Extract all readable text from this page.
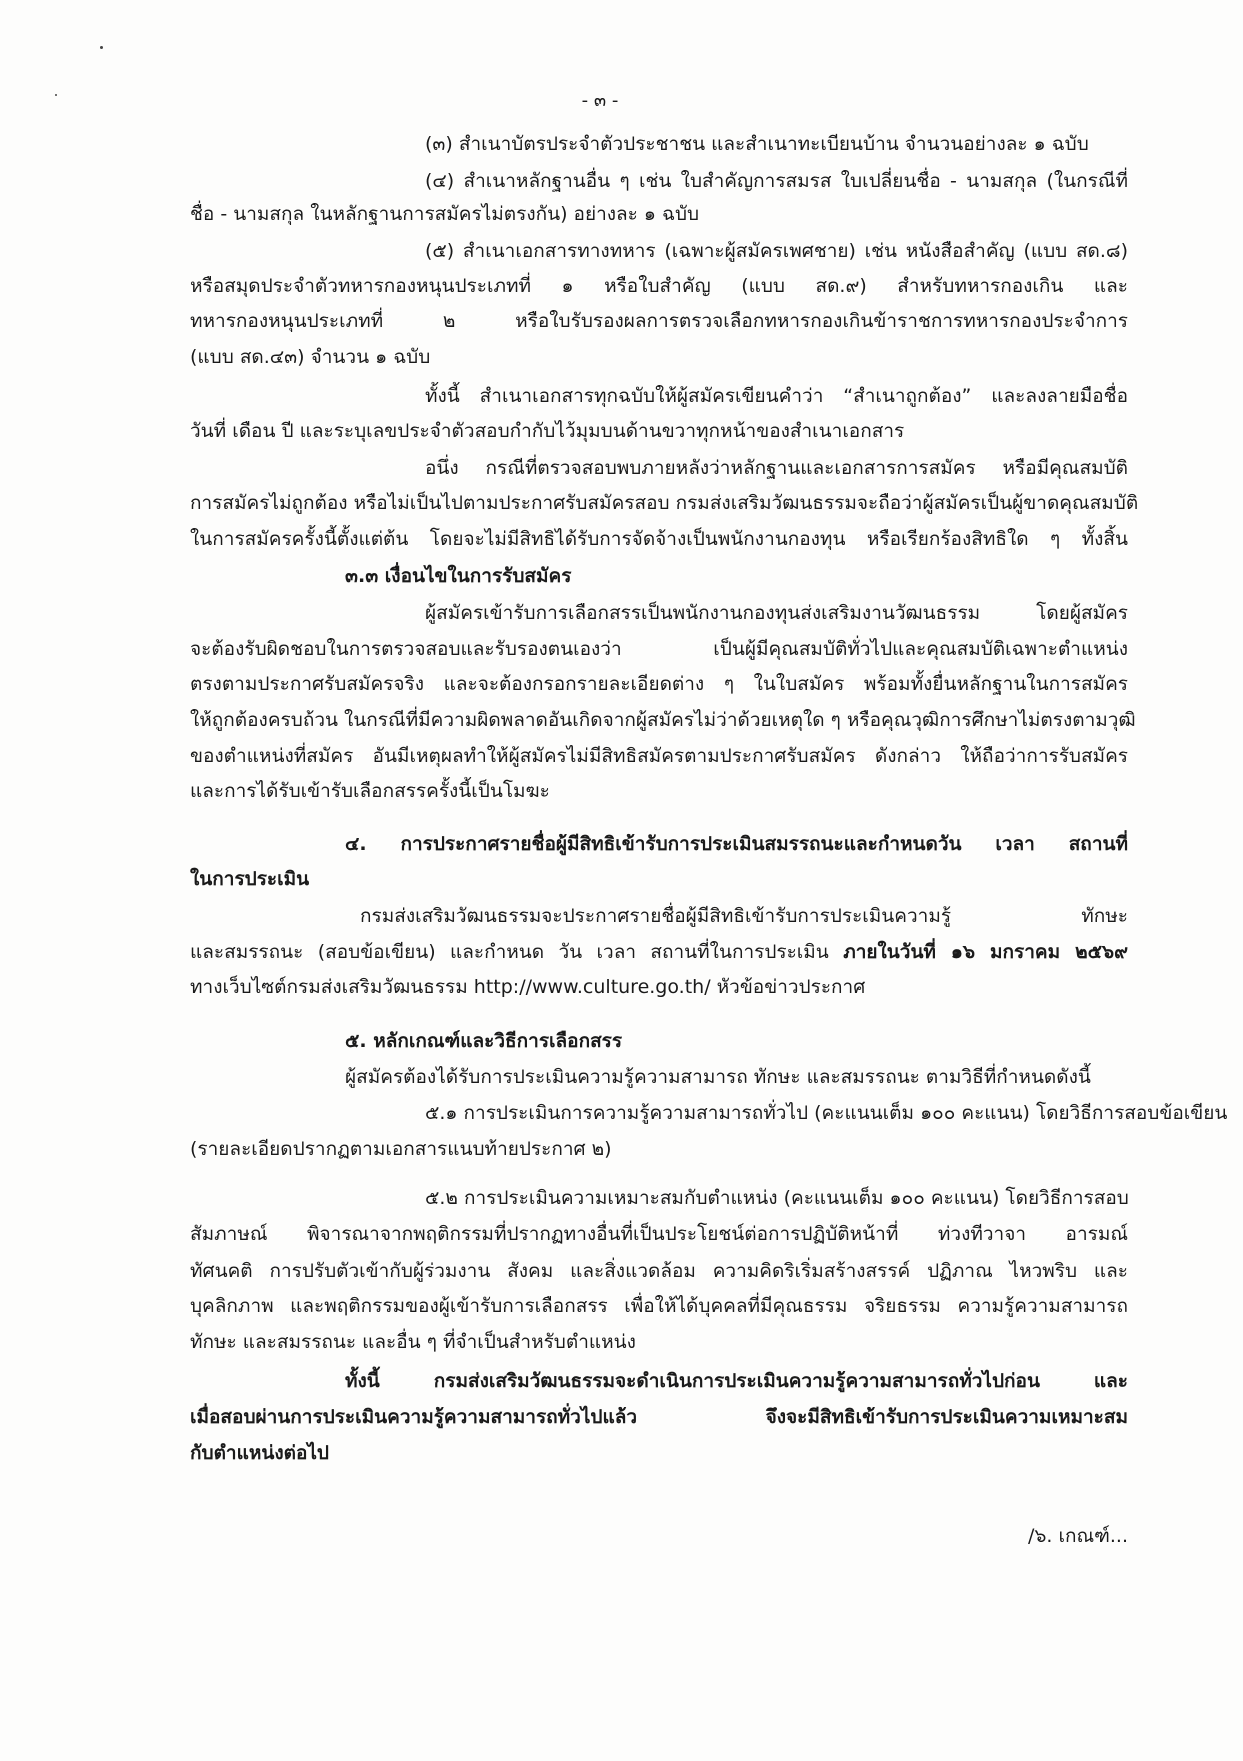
- ๓ -
(๓) สำเนาบัตรประจำตัวประชาชน และสำเนาทะเบียนบ้าน จำนวนอย่างละ ๑ ฉบับ
(๔) สำเนาหลักฐานอื่น ๆ เช่น ใบสำคัญการสมรส ใบเปลี่ยนชื่อ - นามสกุล (ในกรณีที่
ชื่อ - นามสกุล ในหลักฐานการสมัครไม่ตรงกัน) อย่างละ ๑ ฉบับ
(๕) สำเนาเอกสารทางทหาร (เฉพาะผู้สมัครเพศชาย) เช่น หนังสือสำคัญ (แบบ สด.๘)
หรือสมุดประจำตัวทหารกองหนุนประเภทที่ ๑ หรือใบสำคัญ (แบบ สด.๙) สำหรับทหารกองเกิน และ
ทหารกองหนุนประเภทที่ ๒ หรือใบรับรองผลการตรวจเลือกทหารกองเกินข้าราชการทหารกองประจำการ
(แบบ สด.๔๓) จำนวน ๑ ฉบับ
ทั้งนี้ สำเนาเอกสารทุกฉบับให้ผู้สมัครเขียนคำว่า “สำเนาถูกต้อง” และลงลายมือชื่อ
วันที่ เดือน ปี และระบุเลขประจำตัวสอบกำกับไว้มุมบนด้านขวาทุกหน้าของสำเนาเอกสาร
อนึ่ง กรณีที่ตรวจสอบพบภายหลังว่าหลักฐานและเอกสารการสมัคร หรือมีคุณสมบัติ
การสมัครไม่ถูกต้อง หรือไม่เป็นไปตามประกาศรับสมัครสอบ กรมส่งเสริมวัฒนธรรมจะถือว่าผู้สมัครเป็นผู้ขาดคุณสมบัติ
ในการสมัครครั้งนี้ตั้งแต่ต้น โดยจะไม่มีสิทธิได้รับการจัดจ้างเป็นพนักงานกองทุน หรือเรียกร้องสิทธิใด ๆ ทั้งสิ้น
๓.๓ เงื่อนไขในการรับสมัคร
ผู้สมัครเข้ารับการเลือกสรรเป็นพนักงานกองทุนส่งเสริมงานวัฒนธรรม โดยผู้สมัคร
จะต้องรับผิดชอบในการตรวจสอบและรับรองตนเองว่า เป็นผู้มีคุณสมบัติทั่วไปและคุณสมบัติเฉพาะตำแหน่ง
ตรงตามประกาศรับสมัครจริง และจะต้องกรอกรายละเอียดต่าง ๆ ในใบสมัคร พร้อมทั้งยื่นหลักฐานในการสมัคร
ให้ถูกต้องครบถ้วน ในกรณีที่มีความผิดพลาดอันเกิดจากผู้สมัครไม่ว่าด้วยเหตุใด ๆ หรือคุณวุฒิการศึกษาไม่ตรงตามวุฒิ
ของตำแหน่งที่สมัคร อันมีเหตุผลทำให้ผู้สมัครไม่มีสิทธิสมัครตามประกาศรับสมัคร ดังกล่าว ให้ถือว่าการรับสมัคร
และการได้รับเข้ารับเลือกสรรครั้งนี้เป็นโมฆะ
๔. การประกาศรายชื่อผู้มีสิทธิเข้ารับการประเมินสมรรถนะและกำหนดวัน เวลา สถานที่
ในการประเมิน
กรมส่งเสริมวัฒนธรรมจะประกาศรายชื่อผู้มีสิทธิเข้ารับการประเมินความรู้ ทักษะ
และสมรรถนะ (สอบข้อเขียน) และกำหนด วัน เวลา สถานที่ในการประเมิน ภายในวันที่ ๑๖ มกราคม ๒๕๖๙
ทางเว็บไซต์กรมส่งเสริมวัฒนธรรม http://www.culture.go.th/ หัวข้อข่าวประกาศ
๕. หลักเกณฑ์และวิธีการเลือกสรร
ผู้สมัครต้องได้รับการประเมินความรู้ความสามารถ ทักษะ และสมรรถนะ ตามวิธีที่กำหนดดังนี้
๕.๑ การประเมินการความรู้ความสามารถทั่วไป (คะแนนเต็ม ๑๐๐ คะแนน) โดยวิธีการสอบข้อเขียน
(รายละเอียดปรากฏตามเอกสารแนบท้ายประกาศ ๒)
๕.๒ การประเมินความเหมาะสมกับตำแหน่ง (คะแนนเต็ม ๑๐๐ คะแนน) โดยวิธีการสอบ
สัมภาษณ์ พิจารณาจากพฤติกรรมที่ปรากฏทางอื่นที่เป็นประโยชน์ต่อการปฏิบัติหน้าที่ ท่วงทีวาจา อารมณ์
ทัศนคติ การปรับตัวเข้ากับผู้ร่วมงาน สังคม และสิ่งแวดล้อม ความคิดริเริ่มสร้างสรรค์ ปฏิภาณ ไหวพริบ และ
บุคลิกภาพ และพฤติกรรมของผู้เข้ารับการเลือกสรร เพื่อให้ได้บุคคลที่มีคุณธรรม จริยธรรม ความรู้ความสามารถ
ทักษะ และสมรรถนะ และอื่น ๆ ที่จำเป็นสำหรับตำแหน่ง
ทั้งนี้ กรมส่งเสริมวัฒนธรรมจะดำเนินการประเมินความรู้ความสามารถทั่วไปก่อน และ
เมื่อสอบผ่านการประเมินความรู้ความสามารถทั่วไปแล้ว จึงจะมีสิทธิเข้ารับการประเมินความเหมาะสม
กับตำแหน่งต่อไป
/๖. เกณฑ์...
